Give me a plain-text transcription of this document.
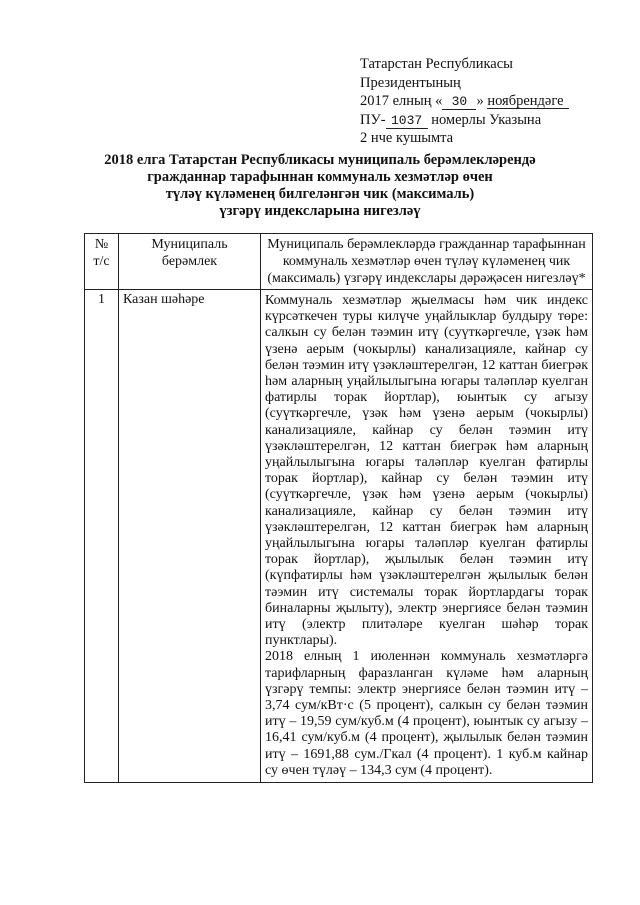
Татарстан Республикасы
Президентының
2017 елның « 30 » ноябрендәге
ПУ- 1037 номерлы Указына
2 нче кушымта
2018 елга Татарстан Республикасы муниципаль берәмлекләрендә
гражданнар тарафыннан коммуналь хезмәтләр өчен
түләү күләменең билгеләнгән чик (максималь)
үзгәрү индексларына нигезләү
№ т/с	Муниципаль берәмлек	Муниципаль берәмлекләрдә гражданнар тарафыннан коммуналь хезмәтләр өчен түләү күләменең чик (максималь) үзгәрү индекслары дәрәҗәсен нигезләү*
1	Казан шәһәре	Коммуналь хезмәтләр җыелмасы һәм чик индекс күрсәткечен туры килүче уңайлыклар булдыру төре: салкын су белән тәэмин итү (суүткәргечле, үзәк һәм үзенә аерым (чокырлы) канализацияле, кайнар су белән тәэмин итү үзәкләштерелгән, 12 каттан биегрәк һәм аларның уңайлылыгына югары таләпләр куелган фатирлы торак йортлар), юынтык су агызу (суүткәргечле, үзәк һәм үзенә аерым (чокырлы) канализацияле, кайнар су белән тәэмин итү үзәкләштерелгән, 12 каттан биегрәк һәм аларның уңайлылыгына югары таләпләр куелган фатирлы торак йортлар), кайнар су белән тәэмин итү (суүткәргечле, үзәк һәм үзенә аерым (чокырлы) канализацияле, кайнар су белән тәэмин итү үзәкләштерелгән, 12 каттан биегрәк һәм аларның уңайлылыгына югары таләпләр куелган фатирлы торак йортлар), җылылык белән тәэмин итү (күпфатирлы һәм үзәкләштерелгән җылылык белән тәэмин итү системалы торак йортлардагы торак биналарны җылыту), электр энергиясе белән тәэмин итү (электр плитәләре куелган шәһәр торак пунктлары).

2018 елның 1 июленнән коммуналь хезмәтләргә тарифларның фаразланган күләме һәм аларның үзгәрү темпы: электр энергиясе белән тәэмин итү – 3,74 сум/кВт·с (5 процент), салкын су белән тәэмин итү – 19,59 сум/куб.м (4 процент), юынтык су агызу – 16,41 сум/куб.м (4 процент), җылылык белән тәэмин итү – 1691,88 сум./Гкал (4 процент). 1 куб.м кайнар су өчен түләү – 134,3 сум (4 процент).
